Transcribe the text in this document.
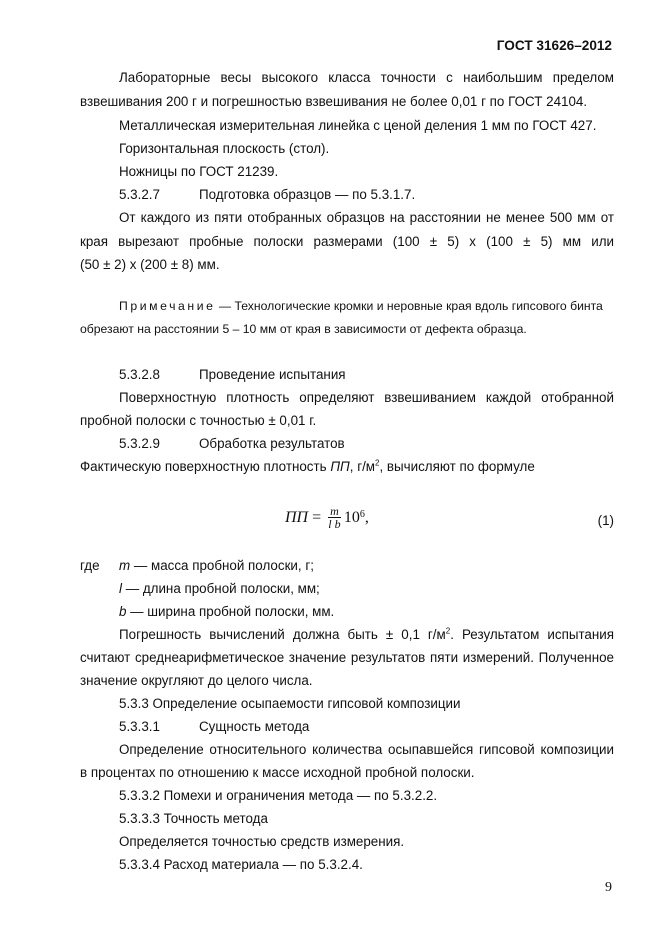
ГОСТ 31626–2012
Лабораторные весы высокого класса точности с наибольшим пределом
взвешивания 200 г и погрешностью взвешивания не более 0,01 г по ГОСТ 24104.
Металлическая измерительная линейка с ценой деления 1 мм по ГОСТ 427.
Горизонтальная плоскость (стол).
Ножницы по ГОСТ 21239.
5.3.2.7	Подготовка образцов — по 5.3.1.7.
От каждого из пяти отобранных образцов на расстоянии не менее 500 мм от
края вырезают пробные полоски размерами (100 ± 5) x (100 ± 5) мм или
(50 ± 2) x (200 ± 8) мм.
Примечание — Технологические кромки и неровные края вдоль гипсового бинта
обрезают на расстоянии 5 – 10 мм от края в зависимости от дефекта образца.
5.3.2.8	Проведение испытания
Поверхностную плотность определяют взвешиванием каждой отобранной
пробной полоски с точностью ± 0,01 г.
5.3.2.9	Обработка результатов
Фактическую поверхностную плотность ПП, $г/м^2$, вычисляют по формуле
ПП = $\frac{m}{\text{l b}} 10^6$ ,	(1)
где	m — масса пробной полоски, г;
l — длина пробной полоски, мм;
b — ширина пробной полоски, мм.
Погрешность вычислений должна быть ± 0,1 $г/м^2$. Результатом испытания
считают среднеарифметическое значение результатов пяти измерений. Полученное
значение округляют до целого числа.
5.3.3 Определение осыпаемости гипсовой композиции
5.3.3.1	Сущность метода
Определение относительного количества осыпавшейся гипсовой композиции
в процентах по отношению к массе исходной пробной полоски.
5.3.3.2 Помехи и ограничения метода — по 5.3.2.2.
5.3.3.3 Точность метода
Определяется точностью средств измерения.
5.3.3.4 Расход материала — по 5.3.2.4.
9
